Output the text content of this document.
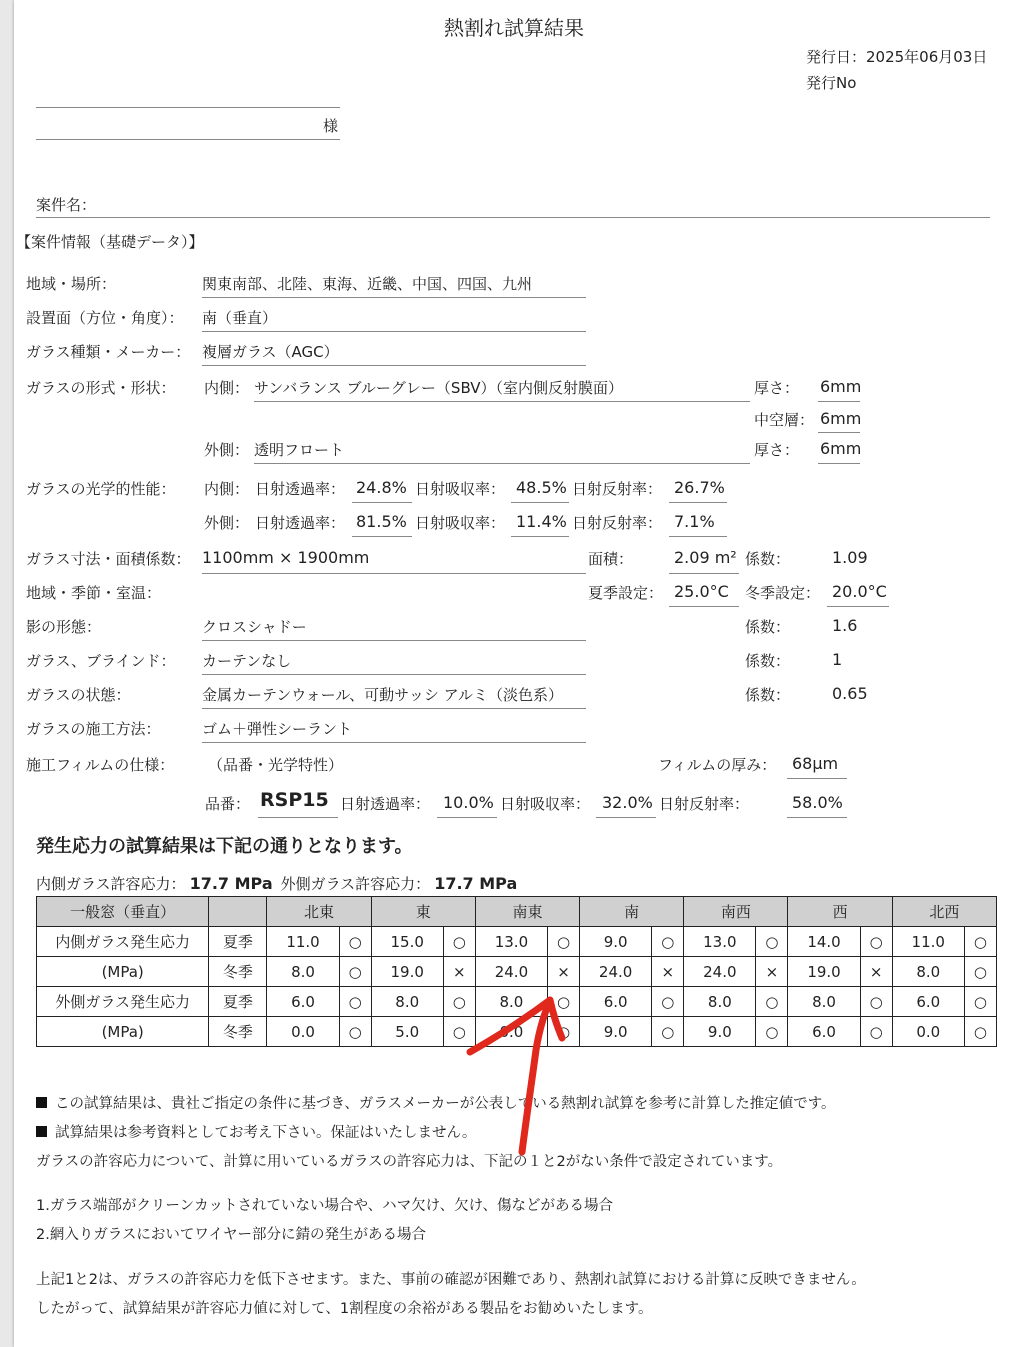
熱割れ試算結果
発行日：2025年06月03日
発行No
様
案件名：
【案件情報（基礎データ）】
地域・場所：	関東南部、北陸、東海、近畿、中国、四国、九州
設置面（方位・角度）： 南（垂直）
ガラス種類・メーカー： 複層ガラス（AGC）
ガラスの形式・形状： 内側： サンバランス ブルーグレー（SBV）（室内側反射膜面）	厚さ： 6mm
中空層： 6mm
外側： 透明フロート	厚さ： 6mm
ガラスの光学的性能： 内側： 日射透過率： 24.8% 日射吸収率： 48.5% 日射反射率： 26.7%
外側： 日射透過率： 81.5% 日射吸収率： 11.4% 日射反射率： 7.1%
ガラス寸法・面積係数： 1100mm × 1900mm	面積：	2.09 m² 係数：	1.09
地域・季節・室温：	夏季設定： 25.0°C 冬季設定： 20.0°C
影の形態：	クロスシャドー	係数：	1.6
ガラス、ブラインド： カーテンなし	係数：	1
ガラスの状態：	金属カーテンウォール、可動サッシ アルミ（淡色系）	係数：	0.65
ガラスの施工方法：	ゴム＋弾性シーラント
施工フィルムの仕様： （品番・光学特性）	フィルムの厚み： 68μm
品番： RSP15 日射透過率： 10.0% 日射吸収率： 32.0% 日射反射率：	58.0%
発生応力の試算結果は下記の通りとなります。
内側ガラス許容応力： 17.7 MPa 外側ガラス許容応力： 17.7 MPa
一般窓（垂直）		北東		東		南東		南		南西		西		北西	
内側ガラス発生応力	夏季	11.0	○	15.0	○	13.0	○	9.0	○	13.0	○	14.0	○	11.0	○
(MPa)	冬季	8.0	○	19.0	×	24.0	×	24.0	×	24.0	×	19.0	×	8.0	○
外側ガラス発生応力	夏季	6.0	○	8.0	○	8.0	○	6.0	○	8.0	○	8.0	○	6.0	○
(MPa)	冬季	0.0	○	5.0	○	0.0	○	9.0	○	9.0	○	6.0	○	0.0	○
この試算結果は、貴社ご指定の条件に基づき、ガラスメーカーが公表している熱割れ試算を参考に計算した推定値です。
試算結果は参考資料としてお考え下さい。保証はいたしません。
ガラスの許容応力について、計算に用いているガラスの許容応力は、下記の１と2がない条件で設定されています。
1.ガラス端部がクリーンカットされていない場合や、ハマ欠け、欠け、傷などがある場合
2.網入りガラスにおいてワイヤー部分に錆の発生がある場合
上記1と2は、ガラスの許容応力を低下させます。また、事前の確認が困難であり、熱割れ試算における計算に反映できません。
したがって、試算結果が許容応力値に対して、1割程度の余裕がある製品をお勧めいたします。
